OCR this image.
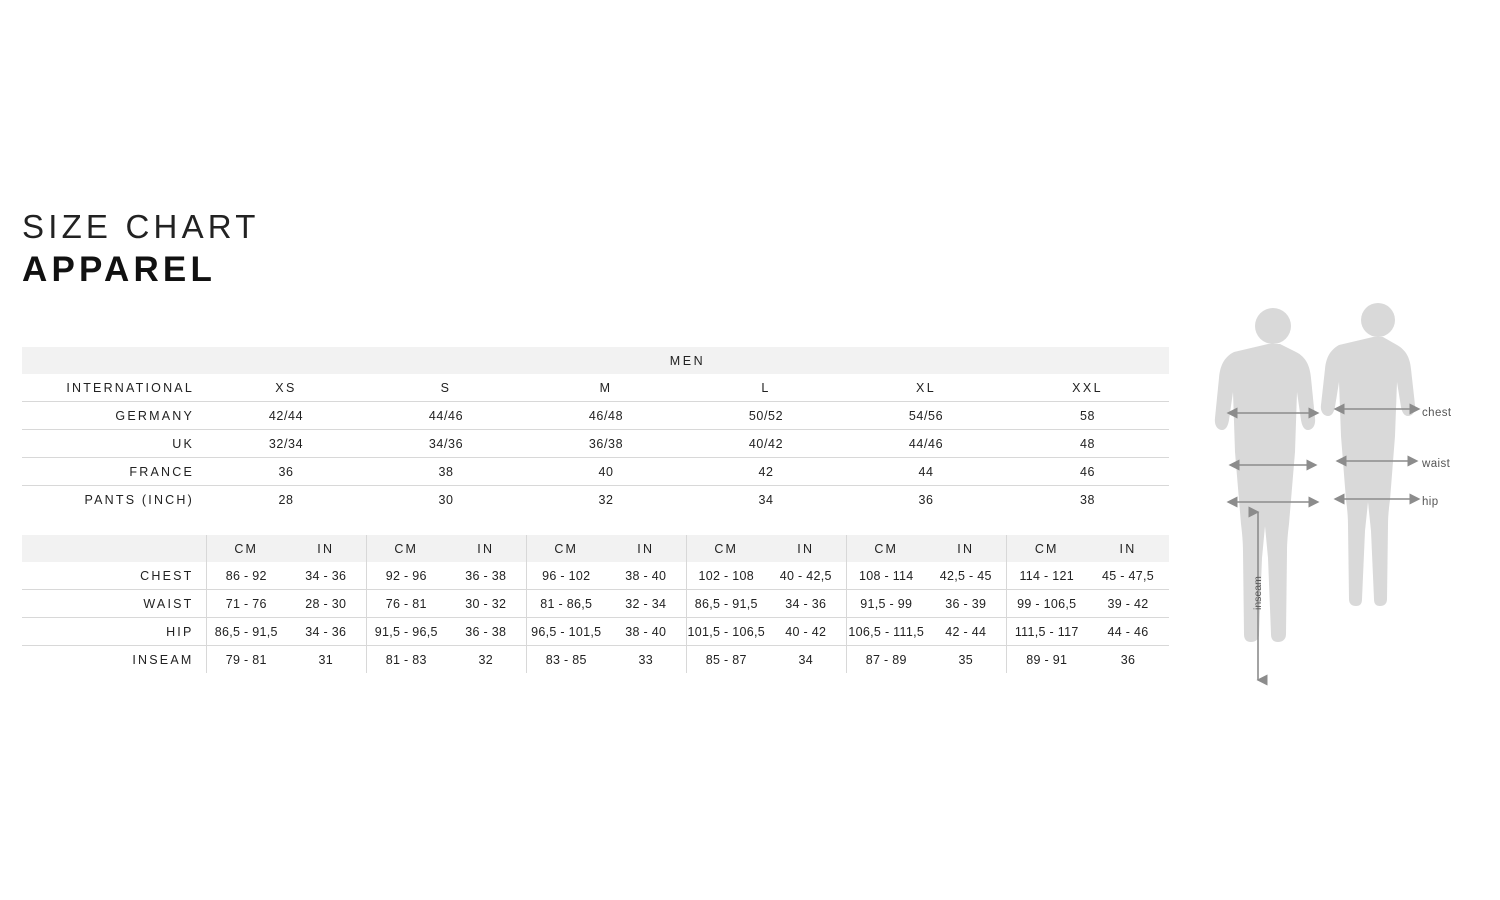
SIZE CHART
APPAREL
	MEN					
INTERNATIONAL	XS	S	M	L	XL	XXL
GERMANY	42/44	44/46	46/48	50/52	54/56	58
UK	32/34	34/36	36/38	40/42	44/46	48
FRANCE	36	38	40	42	44	46
PANTS (INCH)	28	30	32	34	36	38
	CM	IN	CM	IN	CM	IN	CM	IN	CM	IN	CM	IN
CHEST	86 - 92	34 - 36	92 - 96	36 - 38	96 - 102	38 - 40	102 - 108	40 - 42,5	108 - 114	42,5 - 45	114 - 121	45 - 47,5
WAIST	71 - 76	28 - 30	76 - 81	30 - 32	81 - 86,5	32 - 34	86,5 - 91,5	34 - 36	91,5 - 99	36 - 39	99 - 106,5	39 - 42
HIP	86,5 - 91,5	34 - 36	91,5 - 96,5	36 - 38	96,5 - 101,5	38 - 40	101,5 - 106,5	40 - 42	106,5 - 111,5	42 - 44	111,5 - 117	44 - 46
INSEAM	79 - 81	31	81 - 83	32	83 - 85	33	85 - 87	34	87 - 89	35	89 - 91	36
chest
waist
hip
inseam
